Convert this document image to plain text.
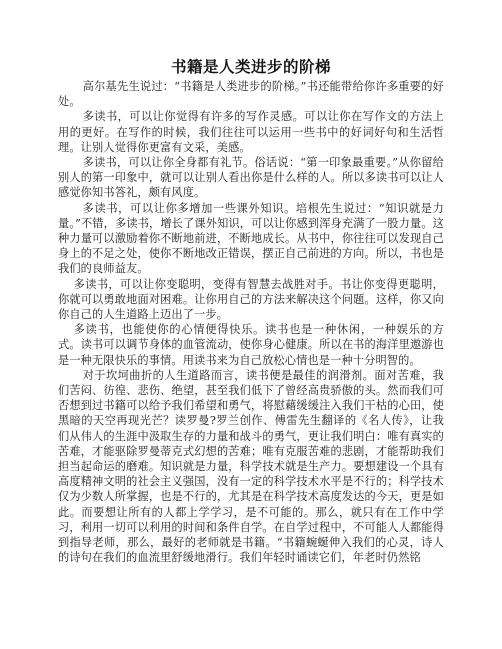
书籍是人类进步的阶梯

高尔基先生说过：“书籍是人类进步的阶梯。”书还能带给你许多重要的好处。

多读书，可以让你觉得有许多的写作灵感。可以让你在写作文的方法上用的更好。在写作的时候，我们往往可以运用一些书中的好词好句和生活哲理。让别人觉得你更富有文采，美感。

多读书，可以让你全身都有礼节。俗话说：“第一印象最重要。”从你留给别人的第一印象中，就可以让别人看出你是什么样的人。所以多读书可以让人感觉你知书答礼，颇有风度。

多读书，可以让你多增加一些课外知识。培根先生说过：“知识就是力量。”不错，多读书，增长了课外知识，可以让你感到浑身充满了一股力量。这种力量可以激励着你不断地前进，不断地成长。从书中，你往往可以发现自己身上的不足之处，使你不断地改正错误，摆正自己前进的方向。所以，书也是我们的良师益友。

多读书，可以让你变聪明，变得有智慧去战胜对手。书让你变得更聪明，你就可以勇敢地面对困难。让你用自己的方法来解决这个问题。这样，你又向你自己的人生道路上迈出了一步。

多读书，也能使你的心情便得快乐。读书也是一种休闲，一种娱乐的方式。读书可以调节身体的血管流动，使你身心健康。所以在书的海洋里遨游也是一种无限快乐的事情。用读书来为自己放松心情也是一种十分明智的。

对于坎坷曲折的人生道路而言，读书便是最佳的润滑剂。面对苦难，我们苦闷、彷徨、悲伤、绝望，甚至我们低下了曾经高贵骄傲的头。然而我们可否想到过书籍可以给予我们希望和勇气，将慰藉缓缓注入我们干枯的心田，使黑暗的天空再现光芒？读罗曼?罗兰创作、傅雷先生翻译的《名人传》，让我们从伟人的生涯中汲取生存的力量和战斗的勇气，更让我们明白：唯有真实的苦难，才能驱除罗曼蒂克式幻想的苦难；唯有克服苦难的悲剧，才能帮助我们担当起命运的磨难。知识就是力量，科学技术就是生产力。要想建设一个具有高度精神文明的社会主义强国，没有一定的科学技术水平是不行的；科学技术仅为少数人所掌握，也是不行的，尤其是在科学技术高度发达的今天，更是如此。而要想让所有的人都上学学习，是不可能的。那么，就只有在工作中学习，利用一切可以利用的时间和条件自学。在自学过程中，不可能人人都能得到指导老师，那么，最好的老师就是书籍。“书籍蜿蜒伸入我们的心灵，诗人的诗句在我们的血流里舒缓地滑行。我们年轻时诵读它们，年老时仍然铭
